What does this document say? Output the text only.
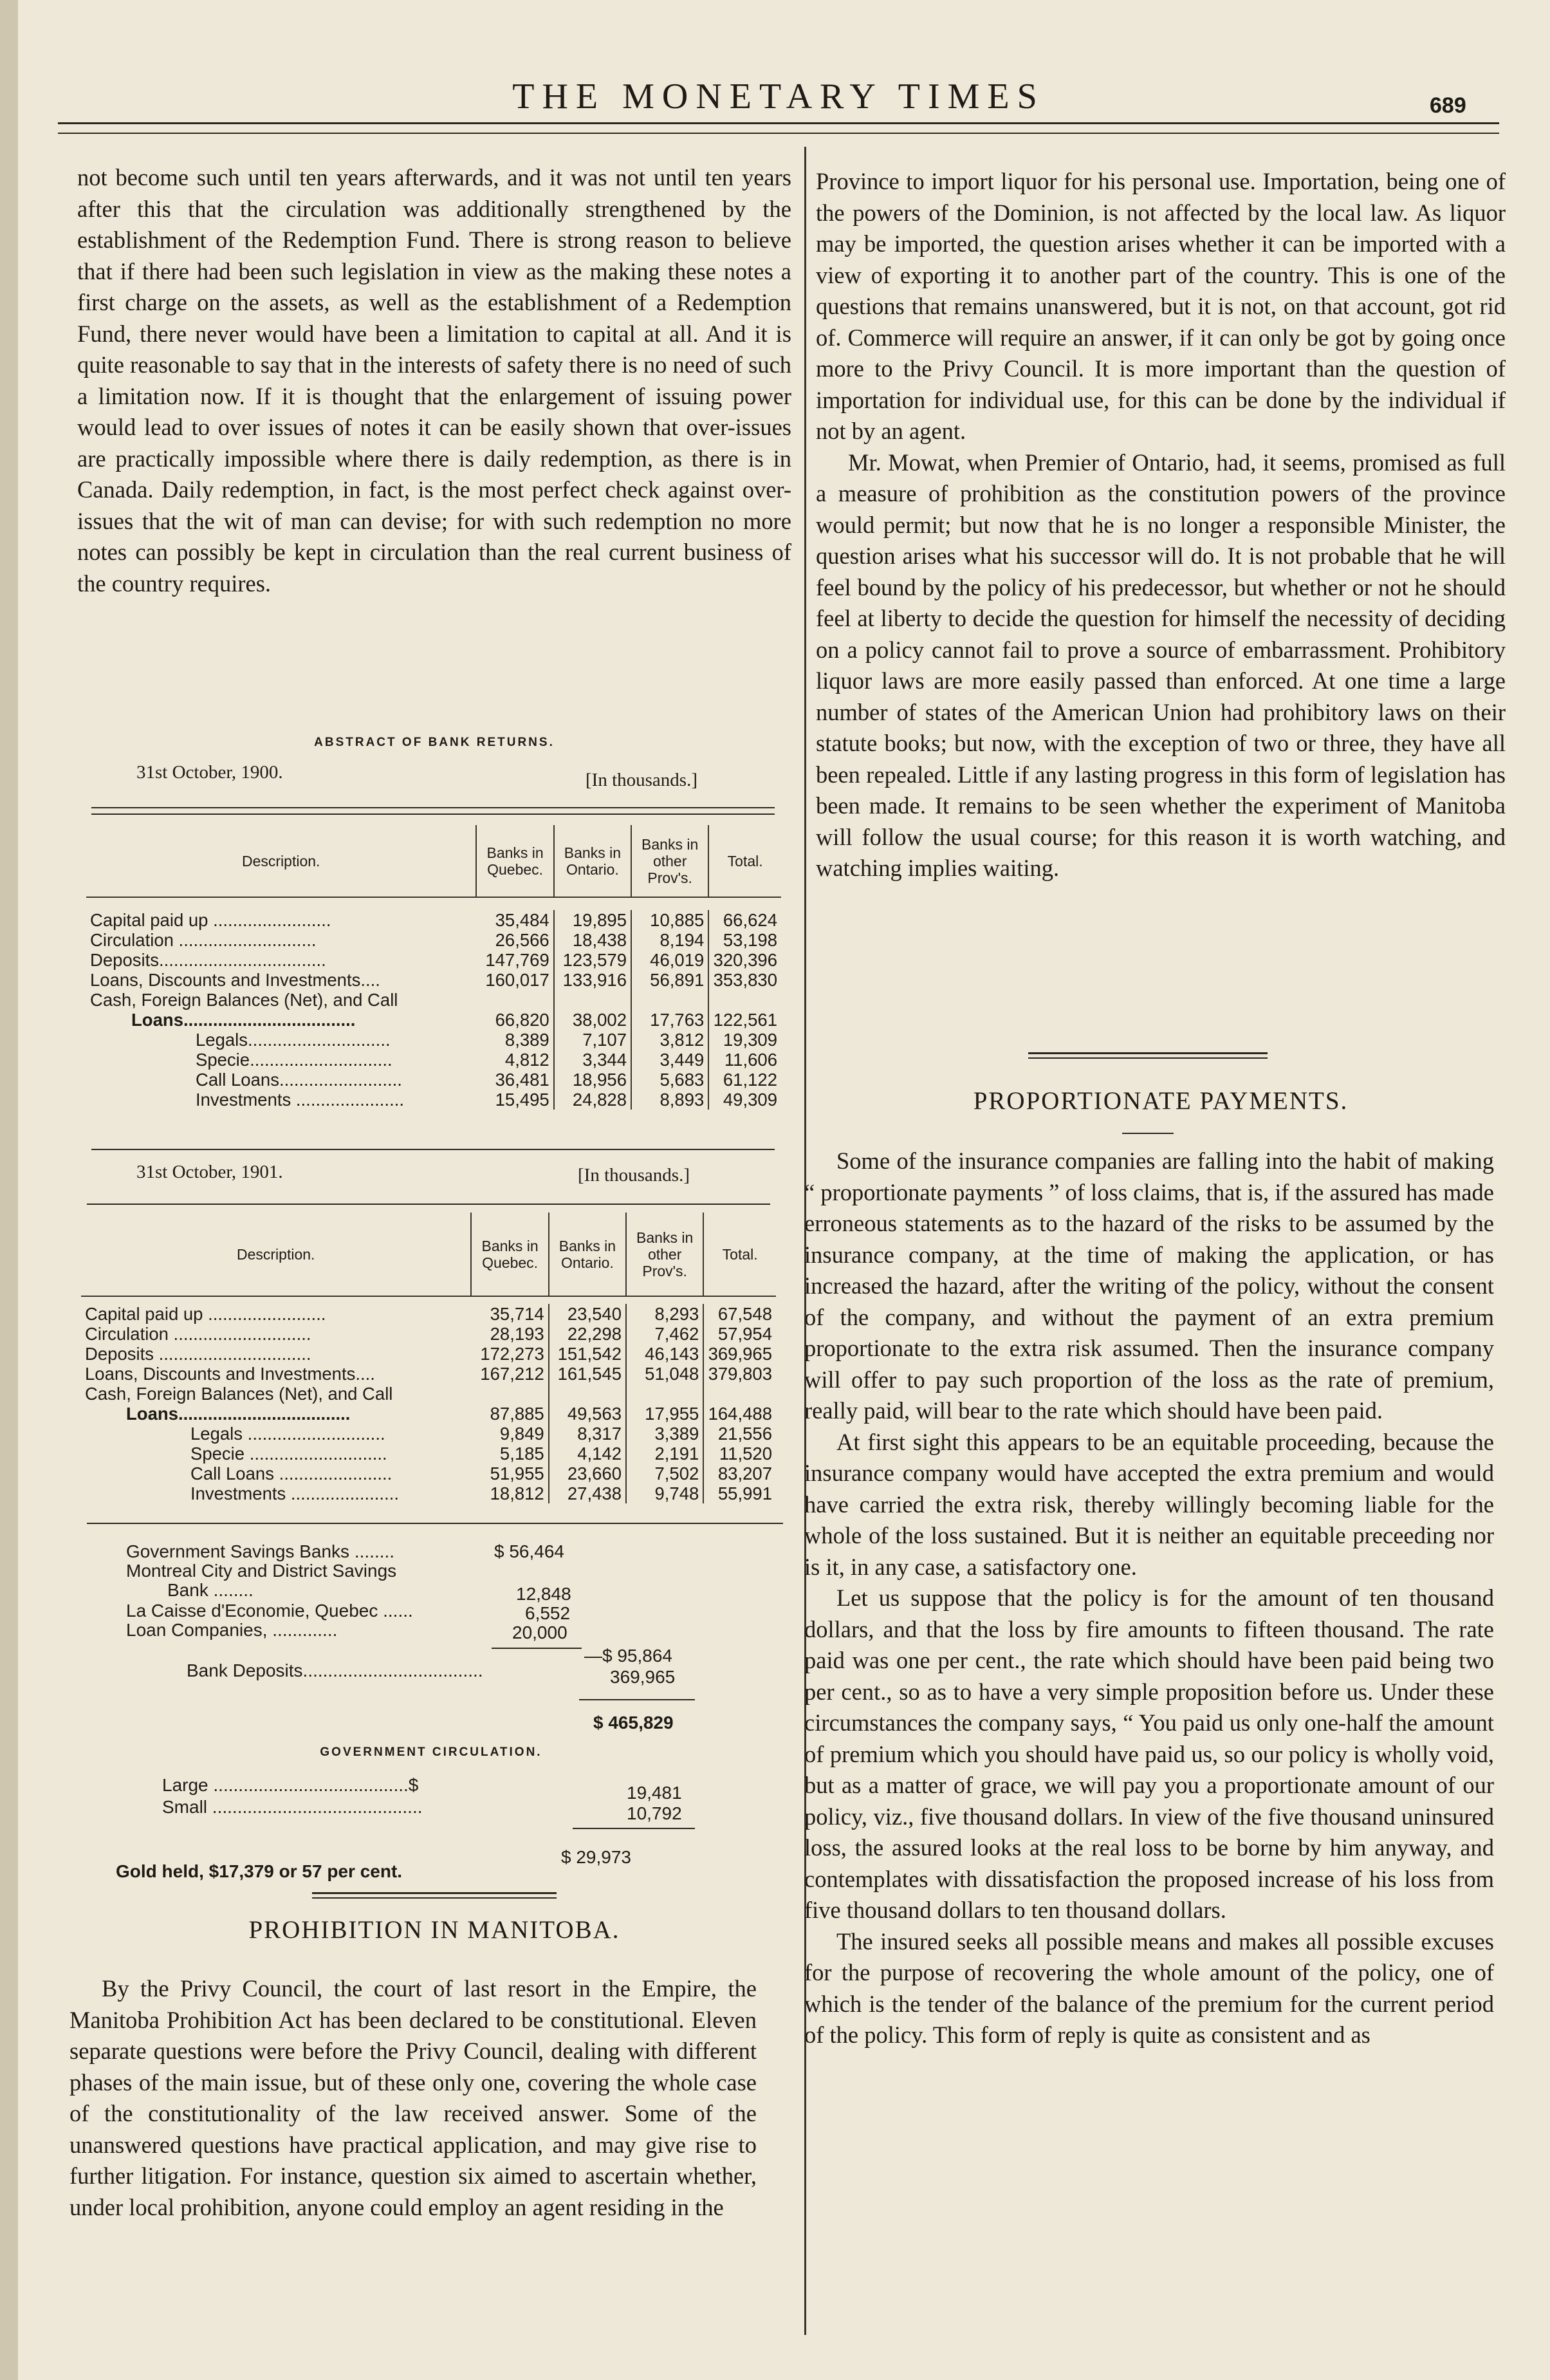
THE MONETARY TIMES	689

not become such until ten years afterwards, and it was not until ten years after this that the circulation was additionally strengthened by the establishment of the Redemption Fund. There is strong reason to believe that if there had been such legislation in view as the making these notes a first charge on the assets, as well as the establishment of a Redemption Fund, there never would have been a limitation to capital at all. And it is quite reasonable to say that in the interests of safety there is no need of such a limitation now. If it is thought that the enlargement of issuing power would lead to over issues of notes it can be easily shown that over-issues are practically impossible where there is daily redemption, as there is in Canada. Daily redemption, in fact, is the most perfect check against over-issues that the wit of man can devise; for with such redemption no more notes can possibly be kept in circulation than the real current business of the country requires.

ABSTRACT OF BANK RETURNS.

31st October, 1900.	[In thousands.]
Description.	Banks in Quebec.	Banks in Ontario.	Banks in other Prov's.	Total.

Capital paid up ........................	35,484	19,895	10,885	66,624
Circulation ............................	26,566	18,438	8,194	53,198
Deposits..................................	147,769	123,579	46,019	320,396
Loans, Discounts and Investments....	160,017	133,916	56,891	353,830
Cash, Foreign Balances (Net), and Call				
Loans...................................	66,820	38,002	17,763	122,561
Legals.............................	8,389	7,107	3,812	19,309
Specie.............................	4,812	3,344	3,449	11,606
Call Loans.........................	36,481	18,956	5,683	61,122
Investments ......................	15,495	24,828	8,893	49,309
31st October, 1901.	[In thousands.]
Description.	Banks in Quebec.	Banks in Ontario.	Banks in other Prov's.	Total.

Capital paid up ........................	35,714	23,540	8,293	67,548
Circulation ............................	28,193	22,298	7,462	57,954
Deposits ...............................	172,273	151,542	46,143	369,965
Loans, Discounts and Investments....	167,212	161,545	51,048	379,803
Cash, Foreign Balances (Net), and Call				
Loans...................................	87,885	49,563	17,955	164,488
Legals ............................	9,849	8,317	3,389	21,556
Specie ............................	5,185	4,142	2,191	11,520
Call Loans .......................	51,955	23,660	7,502	83,207
Investments ......................	18,812	27,438	9,748	55,991
Government Savings Banks ........	$ 56,464
Montreal City and District Savings
Bank ........	12,848
La Caisse d'Economie, Quebec ......	6,552
Loan Companies, .............	20,000
—$ 95,864
Bank Deposits....................................	369,965
$ 465,829

GOVERNMENT CIRCULATION.

Large .......................................$	19,481
Small ..........................................	10,792
$ 29,973
Gold held, $17,379 or 57 per cent.

PROHIBITION IN MANITOBA.

By the Privy Council, the court of last resort in the Empire, the Manitoba Prohibition Act has been declared to be constitutional. Eleven separate questions were before the Privy Council, dealing with different phases of the main issue, but of these only one, covering the whole case of the constitutionality of the law received answer. Some of the unanswered questions have practical application, and may give rise to further litigation. For instance, question six aimed to ascertain whether, under local prohibition, anyone could employ an agent residing in the

Province to import liquor for his personal use. Importation, being one of the powers of the Dominion, is not affected by the local law. As liquor may be imported, the question arises whether it can be imported with a view of exporting it to another part of the country. This is one of the questions that remains unanswered, but it is not, on that account, got rid of. Commerce will require an answer, if it can only be got by going once more to the Privy Council. It is more important than the question of importation for individual use, for this can be done by the individual if not by an agent.

Mr. Mowat, when Premier of Ontario, had, it seems, promised as full a measure of prohibition as the constitution powers of the province would permit; but now that he is no longer a responsible Minister, the question arises what his successor will do. It is not probable that he will feel bound by the policy of his predecessor, but whether or not he should feel at liberty to decide the question for himself the necessity of deciding on a policy cannot fail to prove a source of embarrassment. Prohibitory liquor laws are more easily passed than enforced. At one time a large number of states of the American Union had prohibitory laws on their statute books; but now, with the exception of two or three, they have all been repealed. Little if any lasting progress in this form of legislation has been made. It remains to be seen whether the experiment of Manitoba will follow the usual course; for this reason it is worth watching, and watching implies waiting.

PROPORTIONATE PAYMENTS.

Some of the insurance companies are falling into the habit of making “ proportionate payments ” of loss claims, that is, if the assured has made erroneous statements as to the hazard of the risks to be assumed by the insurance company, at the time of making the application, or has increased the hazard, after the writing of the policy, without the consent of the company, and without the payment of an extra premium proportionate to the extra risk assumed. Then the insurance company will offer to pay such proportion of the loss as the rate of premium, really paid, will bear to the rate which should have been paid.

At first sight this appears to be an equitable proceeding, because the insurance company would have accepted the extra premium and would have carried the extra risk, thereby willingly becoming liable for the whole of the loss sustained. But it is neither an equitable preceeding nor is it, in any case, a satisfactory one.

Let us suppose that the policy is for the amount of ten thousand dollars, and that the loss by fire amounts to fifteen thousand. The rate paid was one per cent., the rate which should have been paid being two per cent., so as to have a very simple proposition before us. Under these circumstances the company says, “ You paid us only one-half the amount of premium which you should have paid us, so our policy is wholly void, but as a matter of grace, we will pay you a proportionate amount of our policy, viz., five thousand dollars. In view of the five thousand uninsured loss, the assured looks at the real loss to be borne by him anyway, and contemplates with dissatisfaction the proposed increase of his loss from five thousand dollars to ten thousand dollars.

The insured seeks all possible means and makes all possible excuses for the purpose of recovering the whole amount of the policy, one of which is the tender of the balance of the premium for the current period of the policy. This form of reply is quite as consistent and as
